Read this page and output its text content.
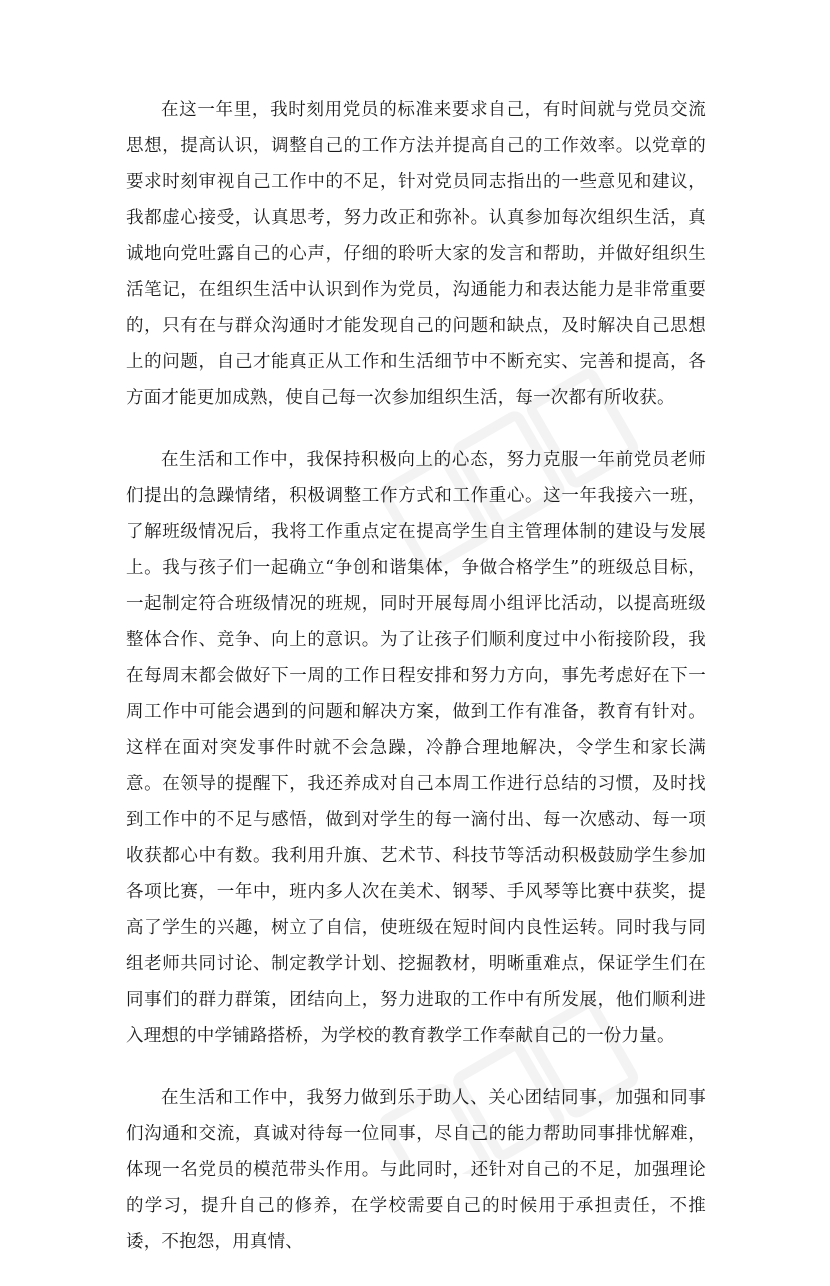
在这一年里，我时刻用党员的标准来要求自己，有时间就与党员交流思想，提高认识，调整自己的工作方法并提高自己的工作效率。以党章的要求时刻审视自己工作中的不足，针对党员同志指出的一些意见和建议，我都虚心接受，认真思考，努力改正和弥补。认真参加每次组织生活，真诚地向党吐露自己的心声，仔细的聆听大家的发言和帮助，并做好组织生活笔记，在组织生活中认识到作为党员，沟通能力和表达能力是非常重要的，只有在与群众沟通时才能发现自己的问题和缺点，及时解决自己思想上的问题，自己才能真正从工作和生活细节中不断充实、完善和提高，各方面才能更加成熟，使自己每一次参加组织生活，每一次都有所收获。

在生活和工作中，我保持积极向上的心态，努力克服一年前党员老师们提出的急躁情绪，积极调整工作方式和工作重心。这一年我接六一班，了解班级情况后，我将工作重点定在提高学生自主管理体制的建设与发展上。我与孩子们一起确立“争创和谐集体，争做合格学生”的班级总目标，一起制定符合班级情况的班规，同时开展每周小组评比活动，以提高班级整体合作、竞争、向上的意识。为了让孩子们顺利度过中小衔接阶段，我在每周末都会做好下一周的工作日程安排和努力方向，事先考虑好在下一周工作中可能会遇到的问题和解决方案，做到工作有准备，教育有针对。这样在面对突发事件时就不会急躁，冷静合理地解决，令学生和家长满意。在领导的提醒下，我还养成对自己本周工作进行总结的习惯，及时找到工作中的不足与感悟，做到对学生的每一滴付出、每一次感动、每一项收获都心中有数。我利用升旗、艺术节、科技节等活动积极鼓励学生参加各项比赛，一年中，班内多人次在美术、钢琴、手风琴等比赛中获奖，提高了学生的兴趣，树立了自信，使班级在短时间内良性运转。同时我与同组老师共同讨论、制定教学计划、挖掘教材，明晰重难点，保证学生们在同事们的群力群策，团结向上，努力进取的工作中有所发展，他们顺利进入理想的中学铺路搭桥，为学校的教育教学工作奉献自己的一份力量。

在生活和工作中，我努力做到乐于助人、关心团结同事，加强和同事们沟通和交流，真诚对待每一位同事，尽自己的能力帮助同事排忧解难，体现一名党员的模范带头作用。与此同时，还针对自己的不足，加强理论的学习，提升自己的修养，在学校需要自己的时候用于承担责任，不推诿，不抱怨，用真情、
